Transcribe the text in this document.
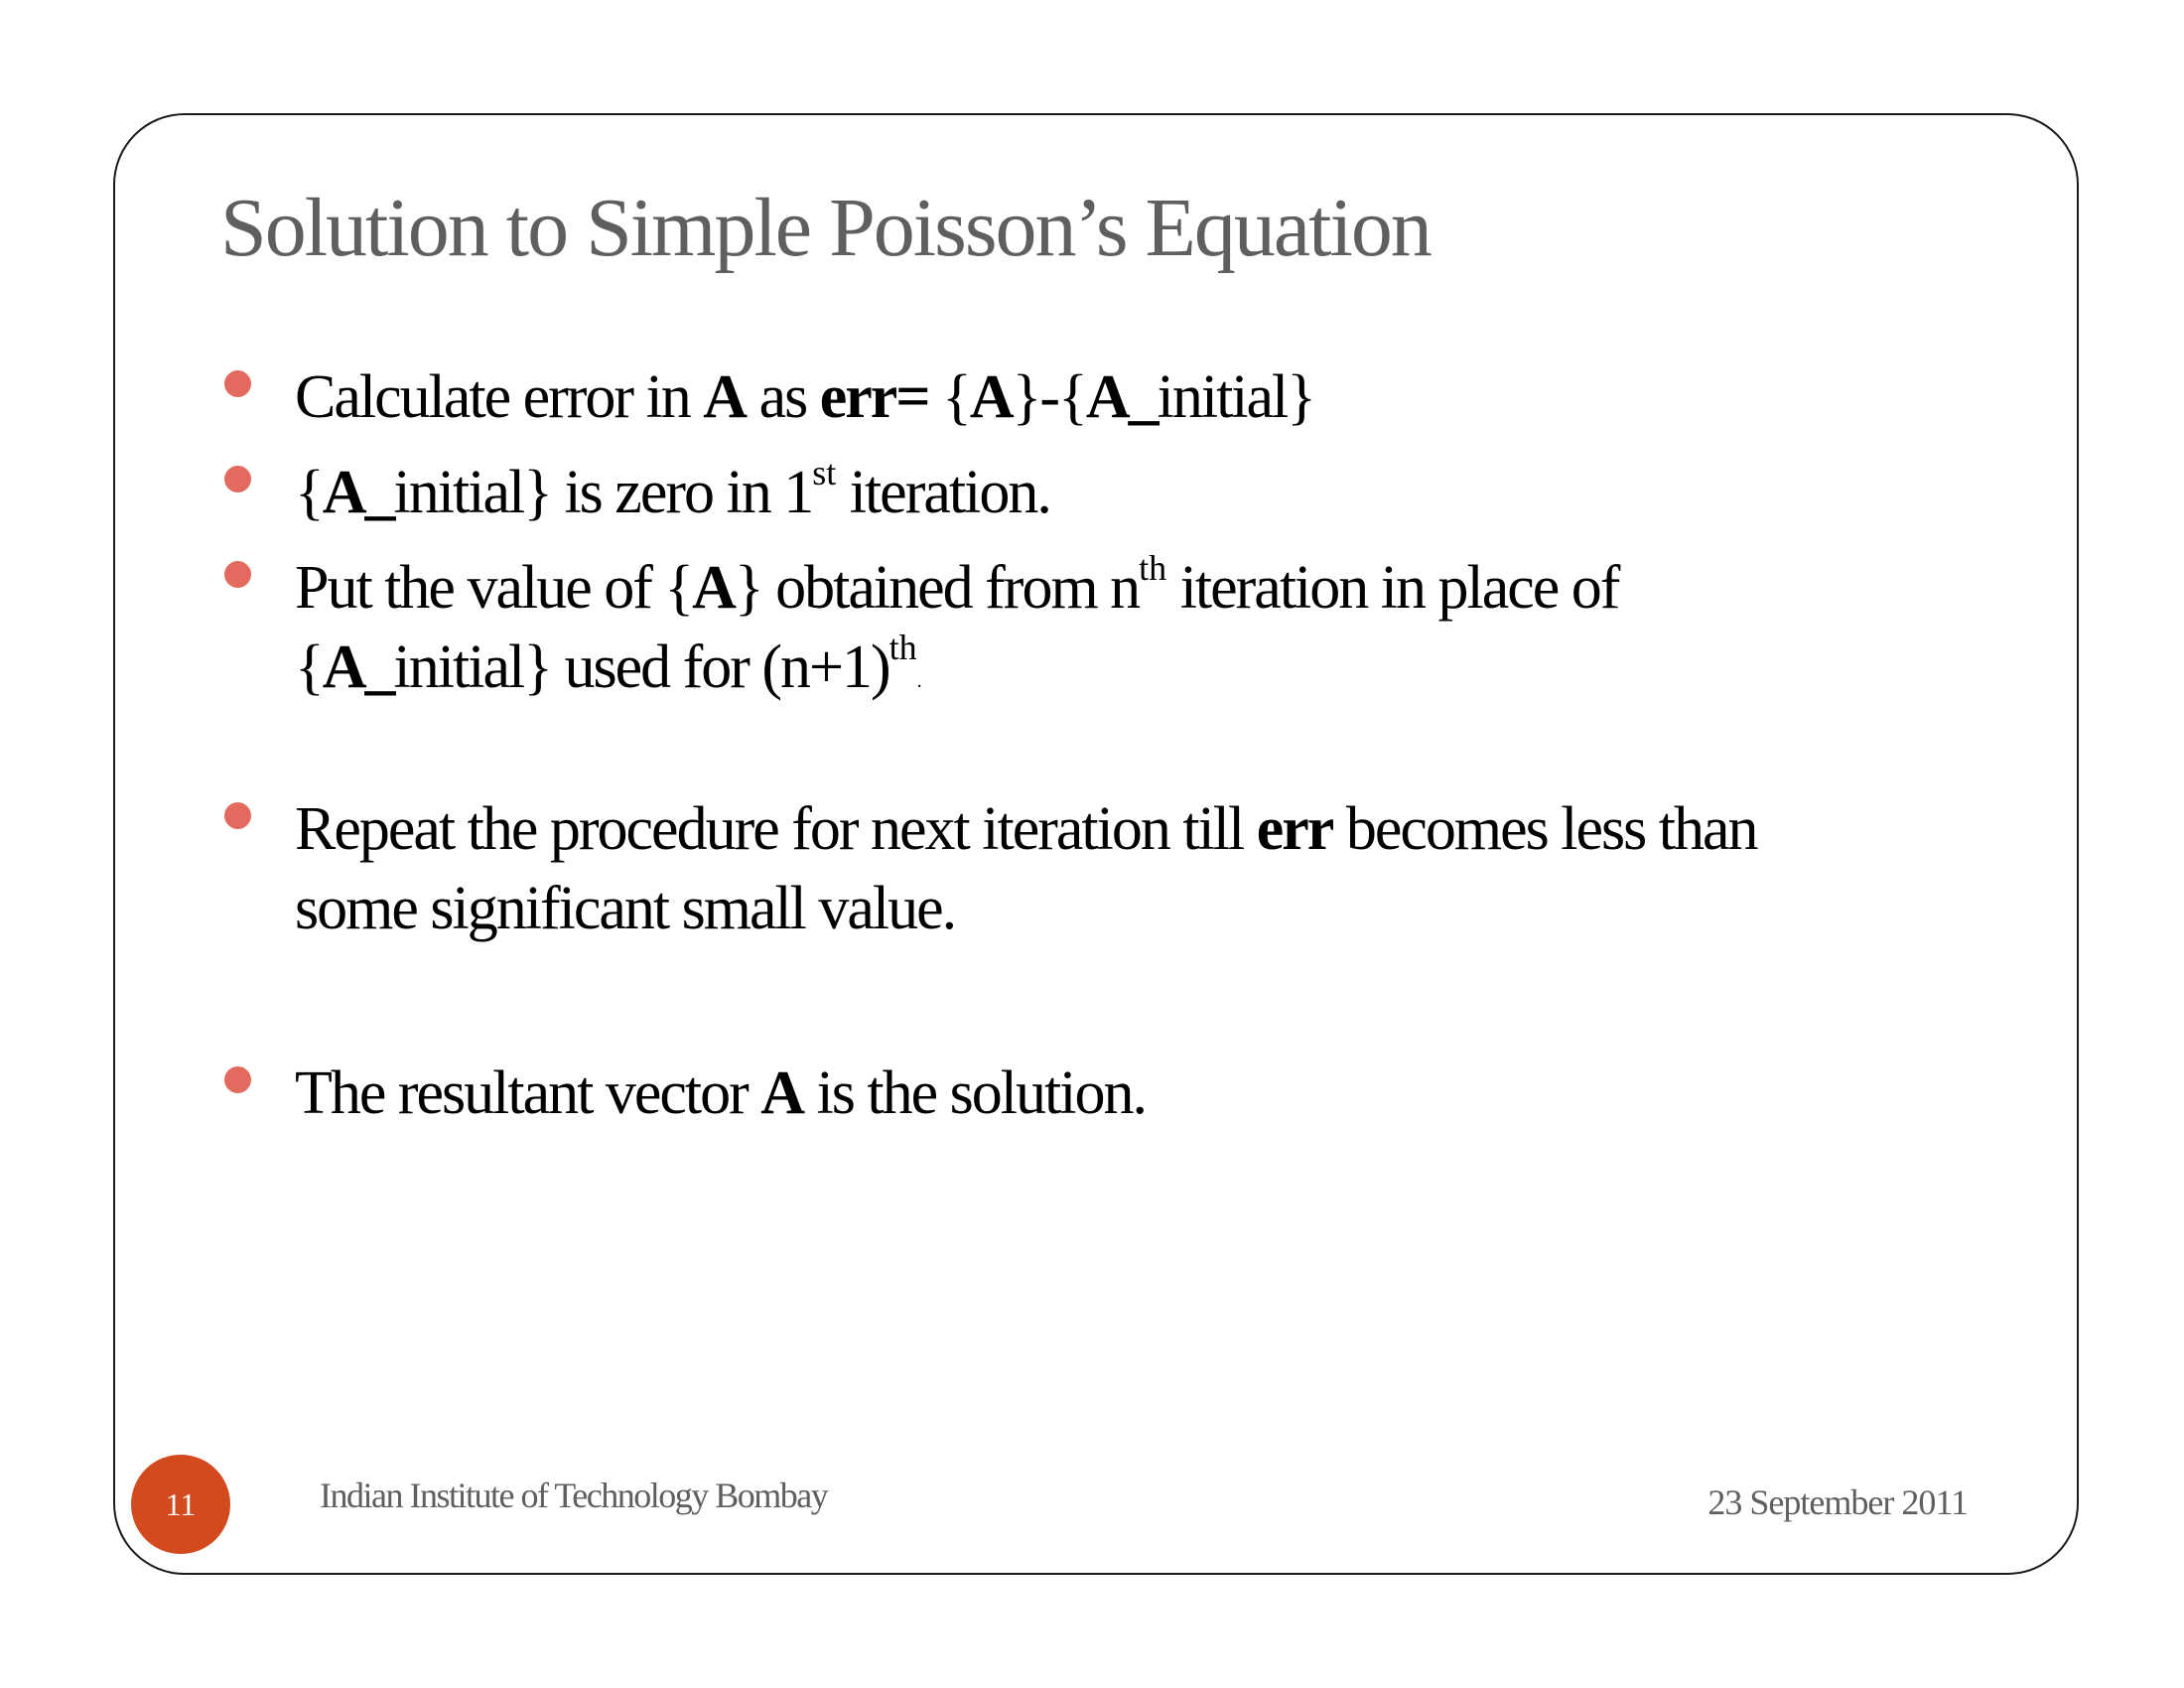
Solution to Simple Poisson’s Equation
Calculate error in A as err= {A}-{A_initial}
{A_initial} is zero in 1st iteration.
Put the value of {A} obtained from $n^{th}$ iteration in place of
{A_initial} used for $(n+1)^{th}$.
Repeat the procedure for next iteration till err becomes less than
some significant small value.
The resultant vector A is the solution.
11	Indian Institute of Technology Bombay	23 September 2011
